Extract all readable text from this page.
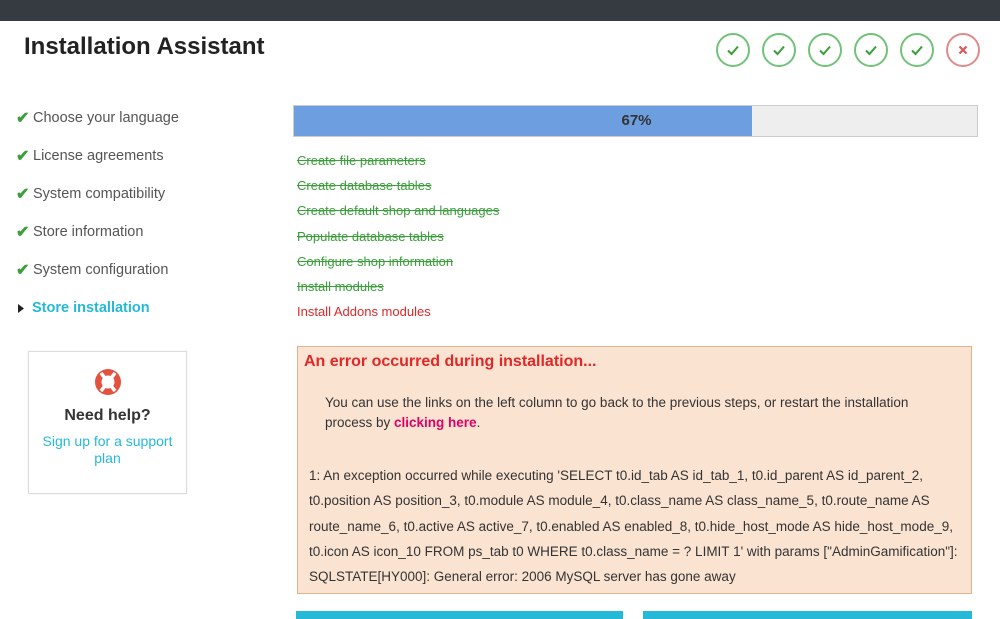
Installation Assistant
✔ Choose your language
✔ License agreements
✔ System compatibility
✔ Store information
✔ System configuration
Store installation
Need help?
Sign up for a support plan
67%
Create file parameters
Create database tables
Create default shop and languages
Populate database tables
Configure shop information
Install modules
Install Addons modules
An error occurred during installation...
You can use the links on the left column to go back to the previous steps, or restart the installation process by clicking here.
1: An exception occurred while executing 'SELECT t0.id_tab AS id_tab_1, t0.id_parent AS id_parent_2, t0.position AS position_3, t0.module AS module_4, t0.class_name AS class_name_5, t0.route_name AS route_name_6, t0.active AS active_7, t0.enabled AS enabled_8, t0.hide_host_mode AS hide_host_mode_9, t0.icon AS icon_10 FROM ps_tab t0 WHERE t0.class_name = ? LIMIT 1' with params ["AdminGamification"]: SQLSTATE[HY000]: General error: 2006 MySQL server has gone away
